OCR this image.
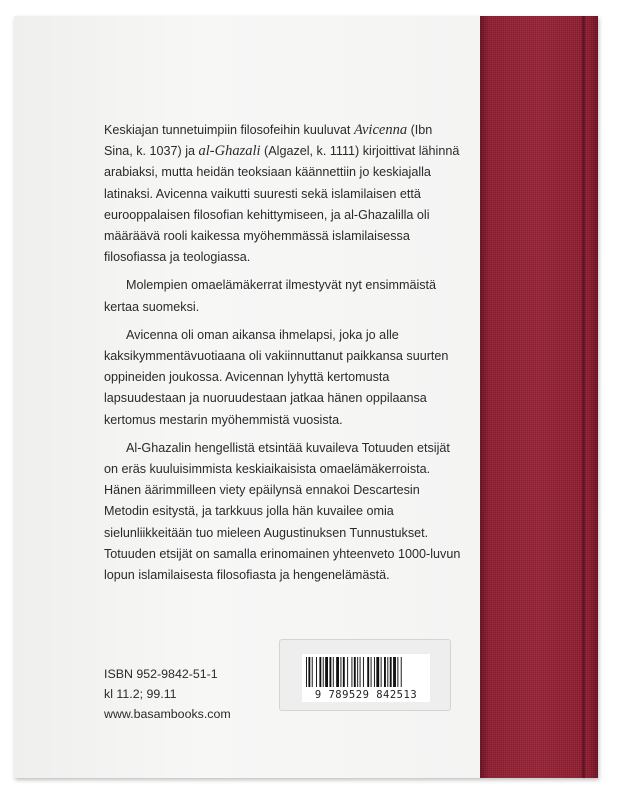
Keskiajan tunnetuimpiin filosofeihin kuuluvat Avicenna (Ibn Sina, k. 1037) ja al-Ghazali (Algazel, k. 1111) kirjoittivat lähinnä arabiaksi, mutta heidän teoksiaan käännettiin jo keskiajalla latinaksi. Avicenna vaikutti suuresti sekä islamilaisen että eurooppalaisen filosofian kehittymiseen, ja al-Ghazalilla oli määräävä rooli kaikessa myöhemmässä islamilaisessa filosofiassa ja teologiassa.

Molempien omaelämäkerrat ilmestyvät nyt ensimmäistä kertaa suomeksi.

Avicenna oli oman aikansa ihmelapsi, joka jo alle kaksikymmentävuotiaana oli vakiinnuttanut paikkansa suurten oppineiden joukossa. Avicennan lyhyttä kertomusta lapsuudestaan ja nuoruudestaan jatkaa hänen oppilaansa kertomus mestarin myöhemmistä vuosista.

Al-Ghazalin hengellistä etsintää kuvaileva Totuuden etsijät on eräs kuuluisimmista keskiaikaisista omaelämäkerroista. Hänen äärimmilleen viety epäilynsä ennakoi Descartesin Metodin esitystä, ja tarkkuus jolla hän kuvailee omia sielunliikkeitään tuo mieleen Augustinuksen Tunnustukset. Totuuden etsijät on samalla erinomainen yhteenveto 1000-luvun lopun islamilaisesta filosofiasta ja hengenelämästä.

ISBN 952-9842-51-1
kl 11.2; 99.11
www.basambooks.com
9 789529 842513
